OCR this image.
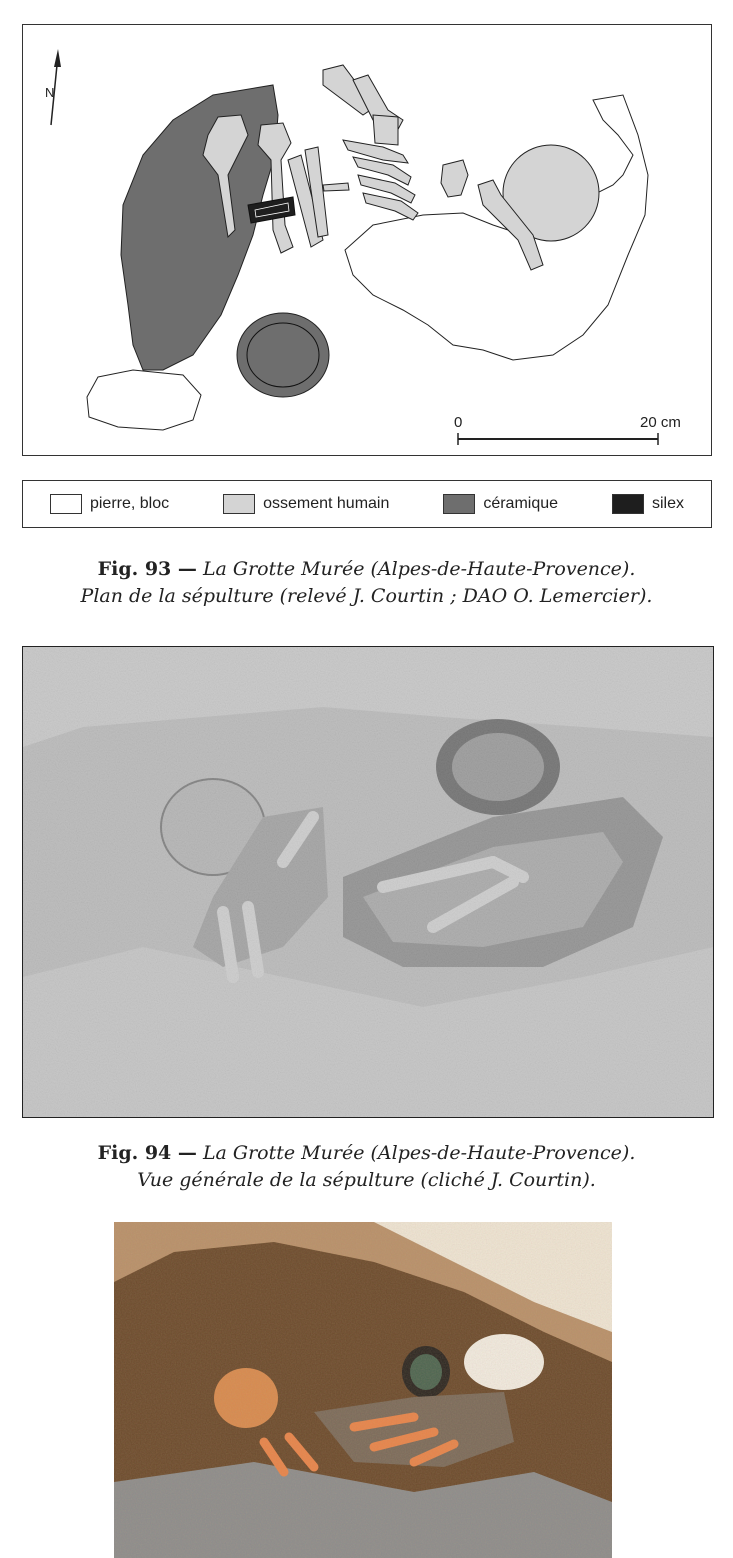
N
0	20 cm
pierre, bloc	ossement humain	céramique	silex
Fig. 93 — La Grotte Murée (Alpes-de-Haute-Provence).
Plan de la sépulture (relevé J. Courtin ; DAO O. Lemercier).
Fig. 94 — La Grotte Murée (Alpes-de-Haute-Provence).
Vue générale de la sépulture (cliché J. Courtin).
